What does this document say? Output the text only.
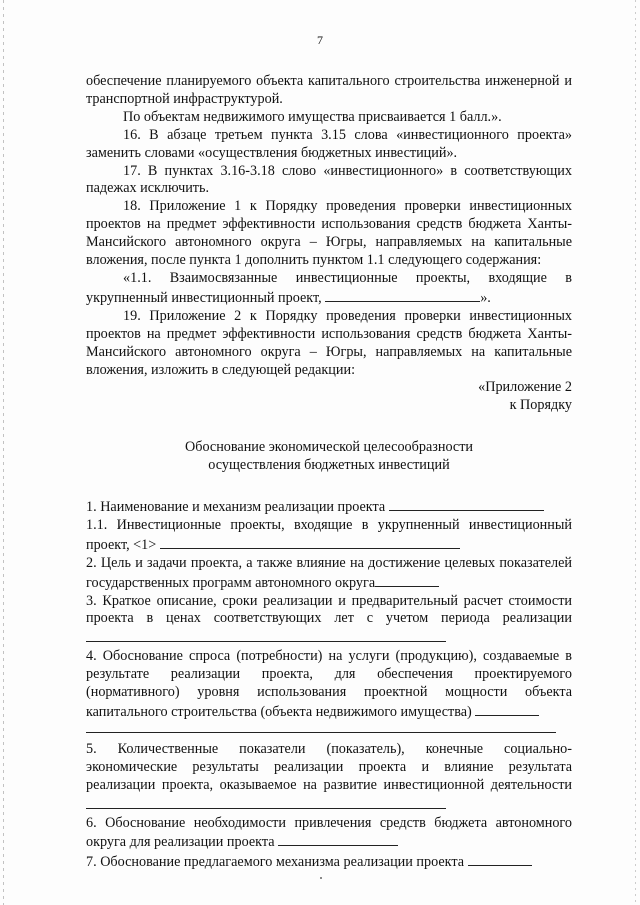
7

обеспечение планируемого объекта капитального строительства инженерной и транспортной инфраструктурой.

По объектам недвижимого имущества присваивается 1 балл.».

16. В абзаце третьем пункта 3.15 слова «инвестиционного проекта» заменить словами «осуществления бюджетных инвестиций».

17. В пунктах 3.16-3.18 слово «инвестиционного» в соответствующих падежах исключить.

18. Приложение 1 к Порядку проведения проверки инвестиционных проектов на предмет эффективности использования средств бюджета Ханты-Мансийского автономного округа – Югры, направляемых на капитальные вложения, после пункта 1 дополнить пунктом 1.1 следующего содержания:

«1.1. Взаимосвязанные инвестиционные проекты, входящие в укрупненный инвестиционный проект,	».

19. Приложение 2 к Порядку проведения проверки инвестиционных проектов на предмет эффективности использования средств бюджета Ханты-Мансийского автономного округа – Югры, направляемых на капитальные вложения, изложить в следующей редакции:

«Приложение 2

к Порядку

Обоснование экономической целесообразности

осуществления бюджетных инвестиций

1. Наименование и механизм реализации проекта

1.1. Инвестиционные проекты, входящие в укрупненный инвестиционный проект, <1>

2. Цель и задачи проекта, а также влияние на достижение целевых показателей государственных программ автономного округа

3. Краткое описание, сроки реализации и предварительный расчет стоимости проекта в ценах соответствующих лет с учетом периода реализации

4. Обоснование спроса (потребности) на услуги (продукцию), создаваемые в результате реализации проекта, для обеспечения проектируемого (нормативного) уровня использования проектной мощности объекта капитального строительства (объекта недвижимого имущества)

5. Количественные показатели (показатель), конечные социально-экономические результаты реализации проекта и влияние результата реализации проекта, оказываемое на развитие инвестиционной деятельности

6. Обоснование необходимости привлечения средств бюджета автономного округа для реализации проекта

7. Обоснование предлагаемого механизма реализации проекта
